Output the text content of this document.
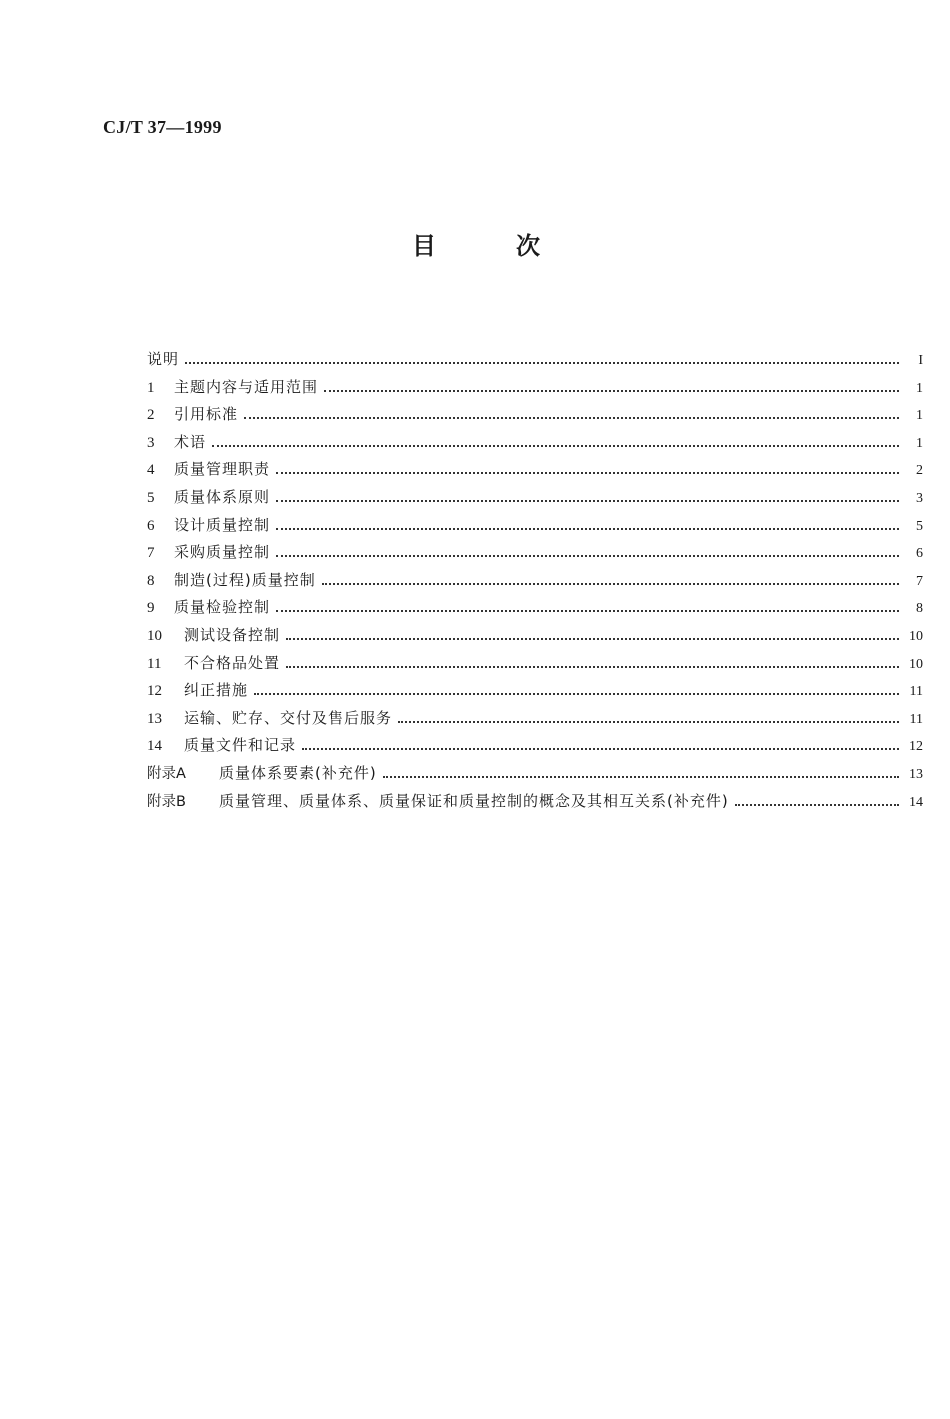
CJ/T 37—1999
目次
说明	I
1	主题内容与适用范围	1
2	引用标准	1
3	术语	1
4	质量管理职责	2
5	质量体系原则	3
6	设计质量控制	5
7	采购质量控制	6
8	制造(过程)质量控制	7
9	质量检验控制	8
10	测试设备控制	10
11	不合格品处置	10
12	纠正措施	11
13	运输、贮存、交付及售后服务	11
14	质量文件和记录	12
附录A	质量体系要素(补充件)	13
附录B	质量管理、质量体系、质量保证和质量控制的概念及其相互关系(补充件)	14
